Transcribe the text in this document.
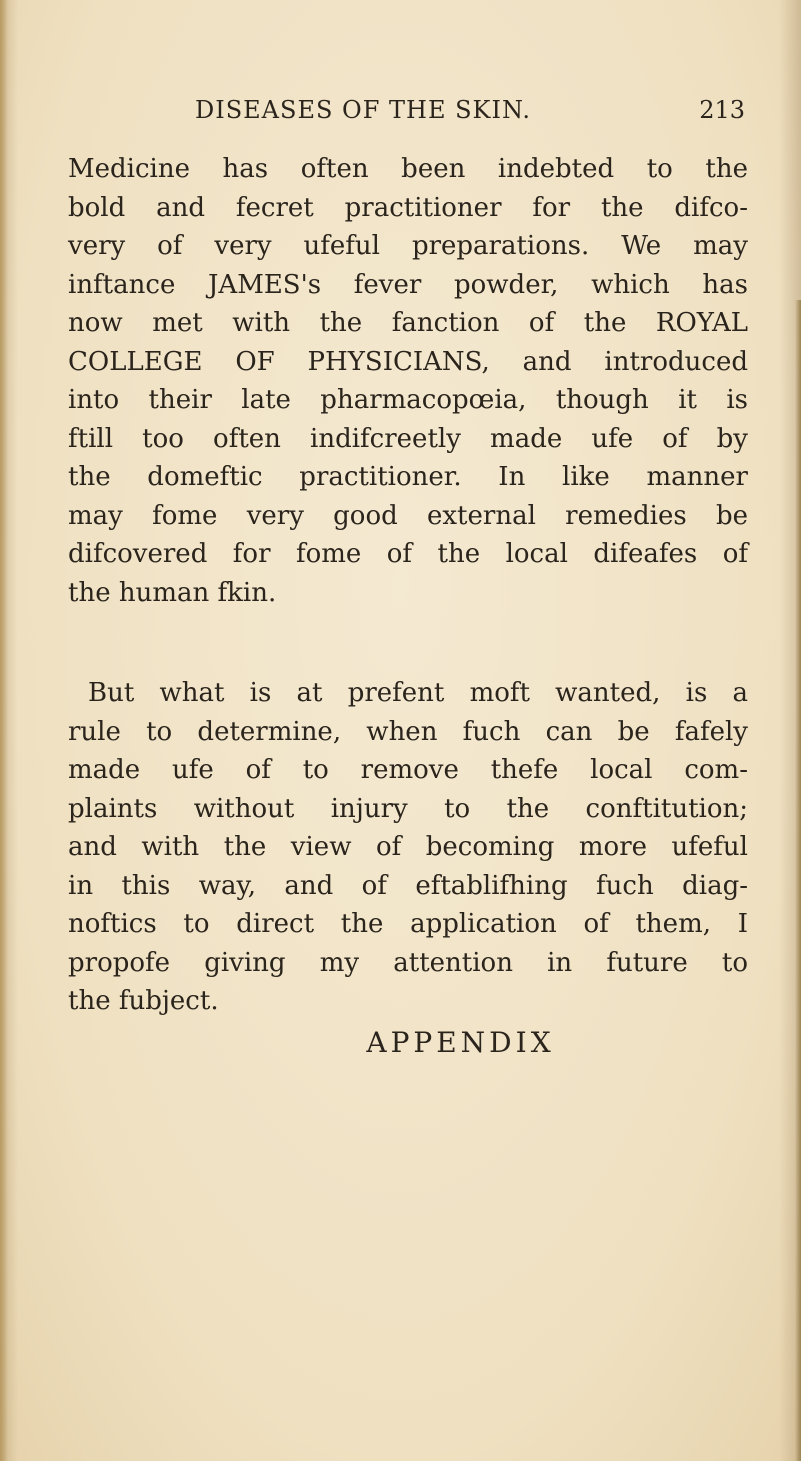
DISEASES OF THE SKIN.	213
Medicine has often been indebted to the
bold and fecret practitioner for the difco-
very of very ufeful preparations. We may
inftance JAMES's fever powder, which has
now met with the fanction of the ROYAL
COLLEGE OF PHYSICIANS, and introduced
into their late pharmacopœia, though it is
ftill too often indifcreetly made ufe of by
the domeftic practitioner. In like manner
may fome very good external remedies be
difcovered for fome of the local difeafes of
the human fkin.
But what is at prefent moft wanted, is a
rule to determine, when fuch can be fafely
made ufe of to remove thefe local com-
plaints without injury to the conftitution;
and with the view of becoming more ufeful
in this way, and of eftablifhing fuch diag-
noftics to direct the application of them, I
propofe giving my attention in future to
the fubject.
APPENDIX
